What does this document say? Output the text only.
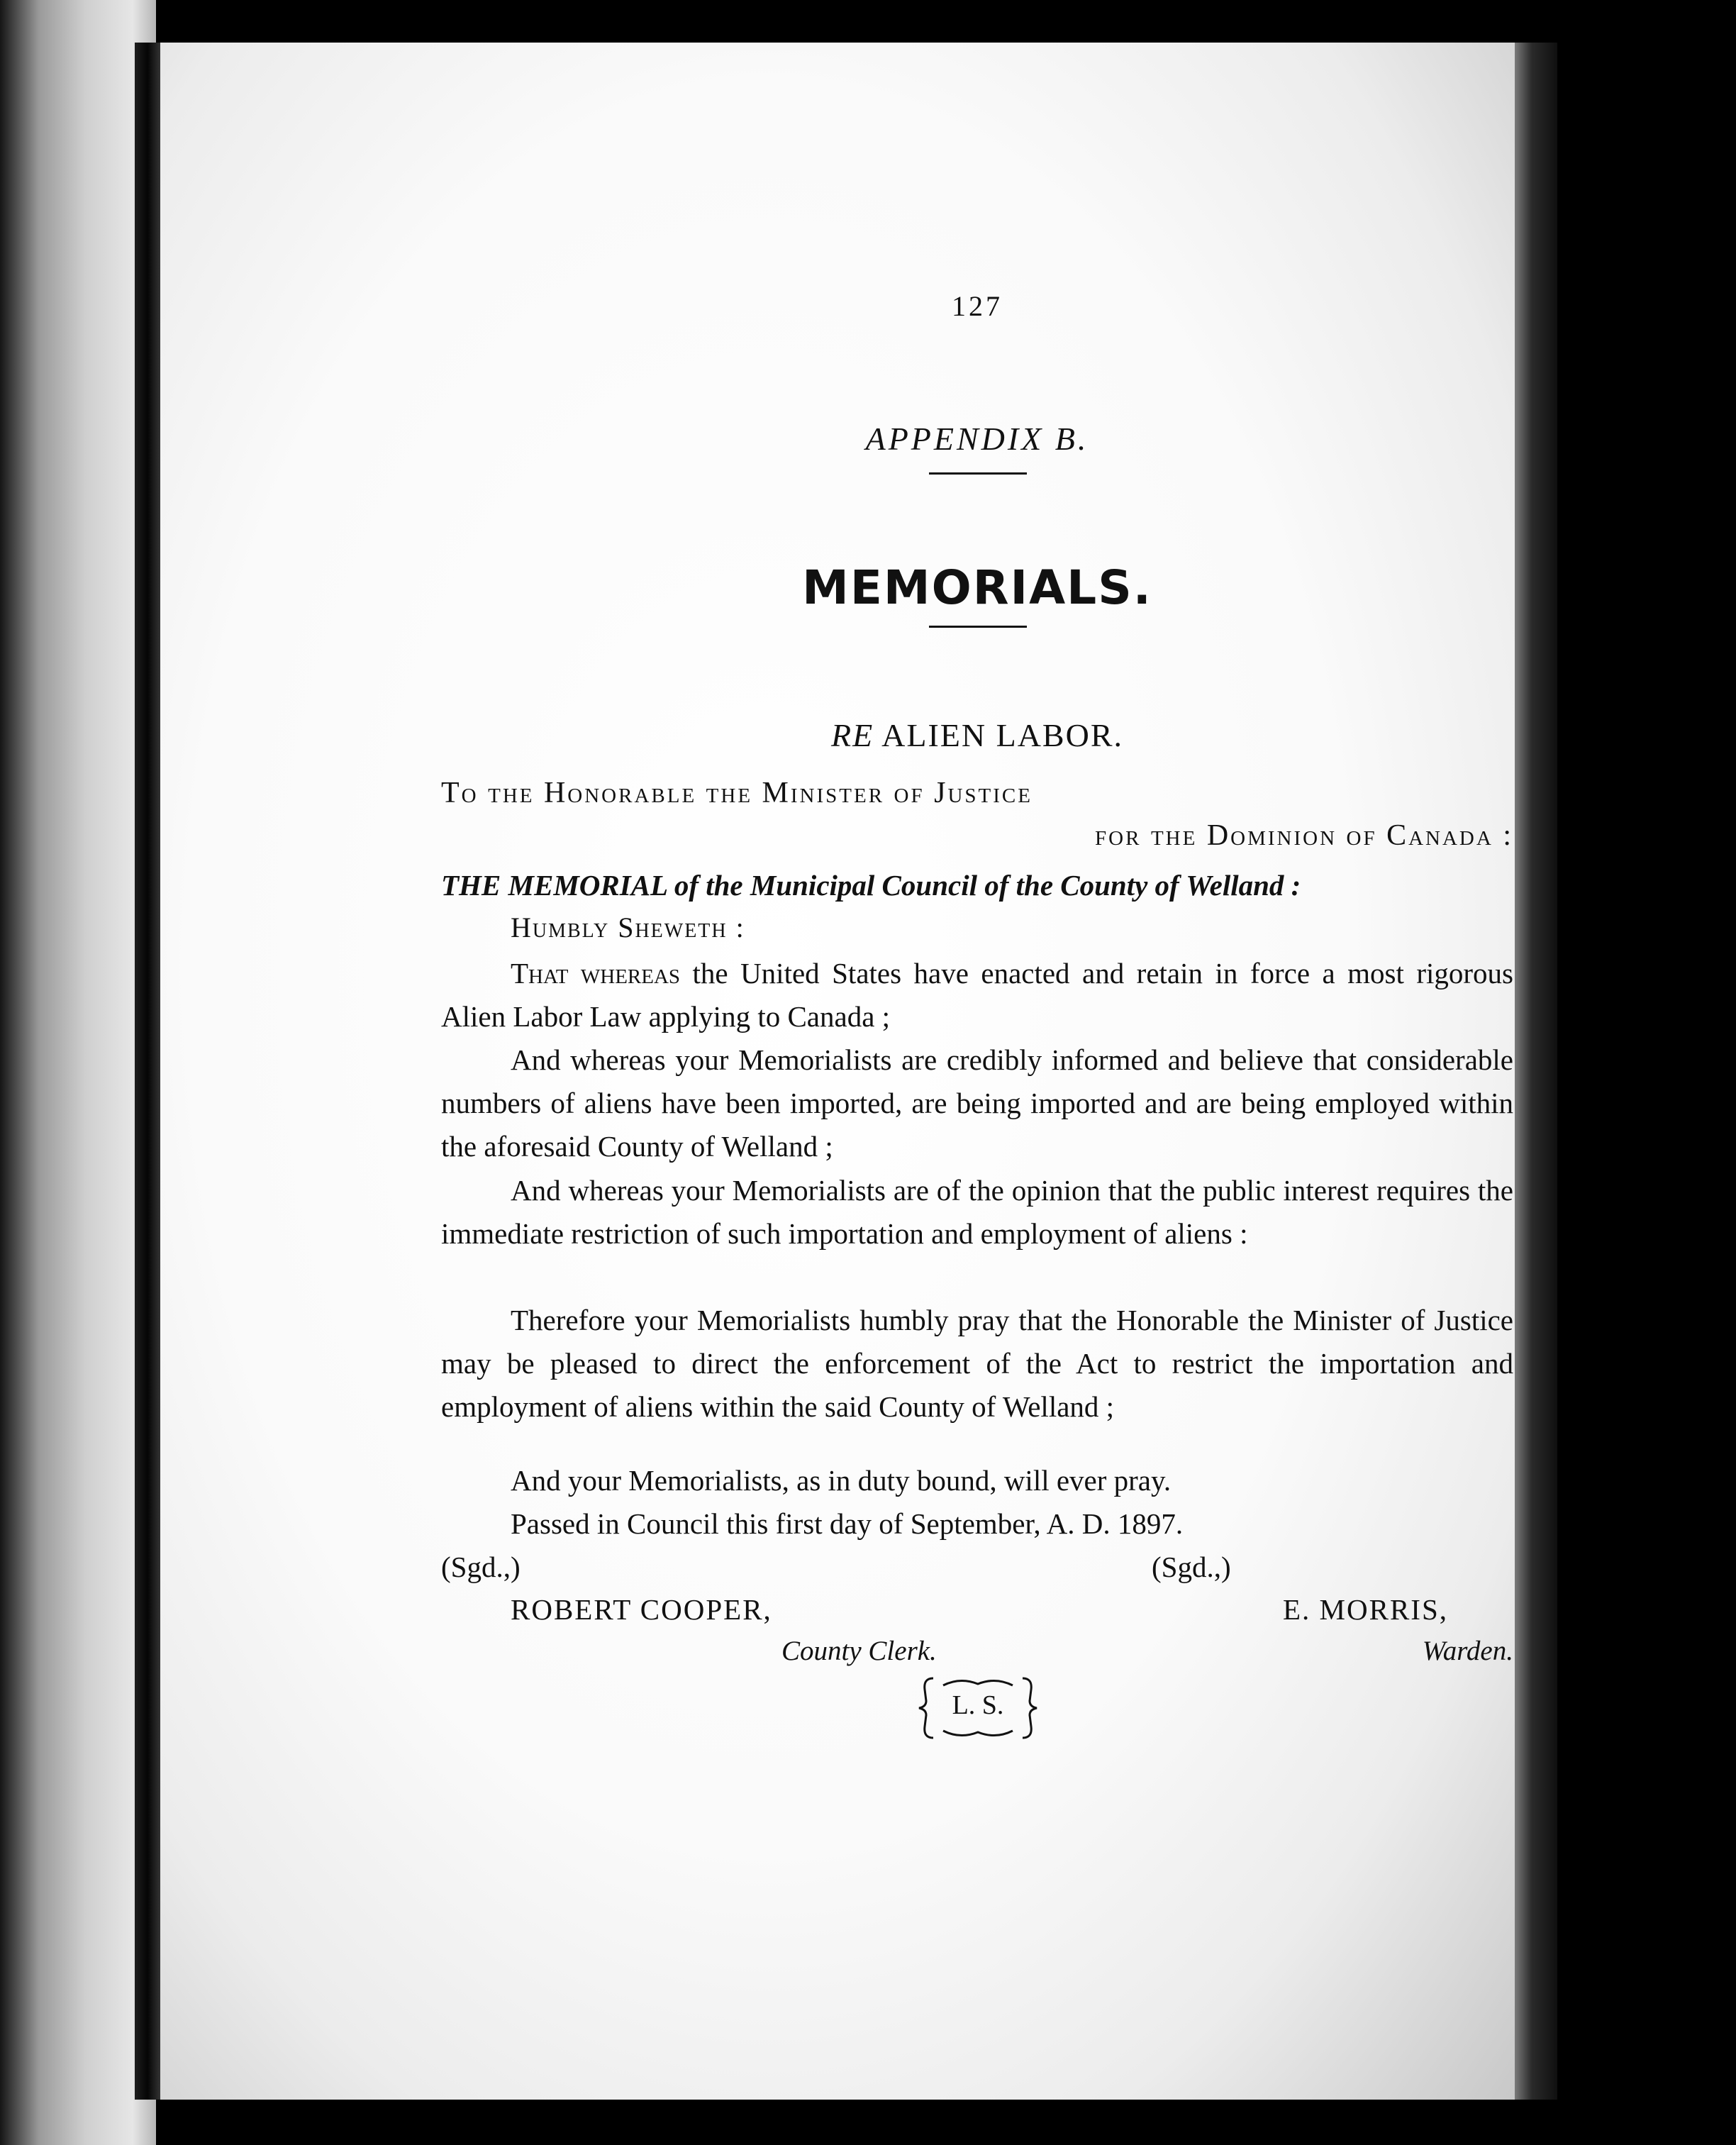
127

APPENDIX B.

MEMORIALS.

RE ALIEN LABOR.

To the Honorable the Minister of Justice

for the Dominion of Canada :

THE MEMORIAL of the Municipal Council of the County of Welland :

Humbly Sheweth :

That whereas the United States have enacted and retain in force a most rigorous Alien Labor Law applying to Canada ;

And whereas your Memorialists are credibly informed and believe that considerable numbers of aliens have been imported, are being imported and are being employed within the aforesaid County of Welland ;

And whereas your Memorialists are of the opinion that the public interest requires the immediate restriction of such importation and employment of aliens :

Therefore your Memorialists humbly pray that the Honorable the Minister of Justice may be pleased to direct the enforcement of the Act to restrict the importation and employment of aliens within the said County of Welland ;

And your Memorialists, as in duty bound, will ever pray.

Passed in Council this first day of September, A. D. 1897.

(Sgd.,)	(Sgd.,)

ROBERT COOPER,	E. MORRIS,

County Clerk.	Warden.

L. S.
